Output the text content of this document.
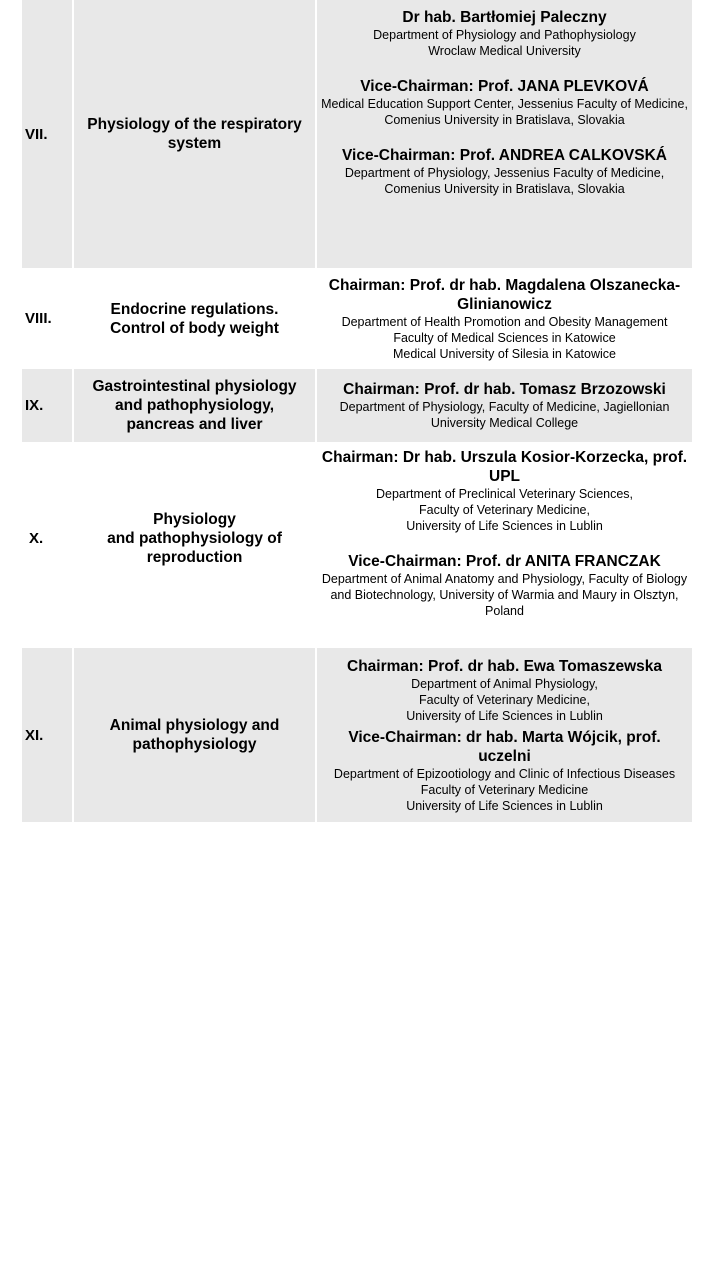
VII.
Physiology of the respiratory system
Dr hab. Bartłomiej Paleczny
Department of Physiology and Pathophysiology
Wroclaw Medical University
Vice-Chairman: Prof. JANA PLEVKOVÁ
Medical Education Support Center, Jessenius Faculty of Medicine,
Comenius University in Bratislava, Slovakia
Vice-Chairman: Prof. ANDREA CALKOVSKÁ
Department of Physiology, Jessenius Faculty of Medicine,
Comenius University in Bratislava, Slovakia
VIII.
Endocrine regulations.
Control of body weight
Chairman: Prof. dr hab. Magdalena Olszanecka-Glinianowicz
Department of Health Promotion and Obesity Management
Faculty of Medical Sciences in Katowice
Medical University of Silesia in Katowice
IX.
Gastrointestinal physiology and pathophysiology, pancreas and liver
Chairman: Prof. dr hab. Tomasz Brzozowski
Department of Physiology, Faculty of Medicine, Jagiellonian University Medical College
X.
Physiology
and pathophysiology of reproduction
Chairman: Dr hab. Urszula Kosior-Korzecka, prof. UPL
Department of Preclinical Veterinary Sciences,
Faculty of Veterinary Medicine,
University of Life Sciences in Lublin
Vice-Chairman: Prof. dr ANITA FRANCZAK
Department of Animal Anatomy and Physiology, Faculty of Biology and Biotechnology, University of Warmia and Maury in Olsztyn, Poland
XI.
Animal physiology and pathophysiology
Chairman: Prof. dr hab. Ewa Tomaszewska
Department of Animal Physiology,
Faculty of Veterinary Medicine,
University of Life Sciences in Lublin
Vice-Chairman: dr hab. Marta Wójcik, prof. uczelni
Department of Epizootiology and Clinic of Infectious Diseases
Faculty of Veterinary Medicine
University of Life Sciences in Lublin
